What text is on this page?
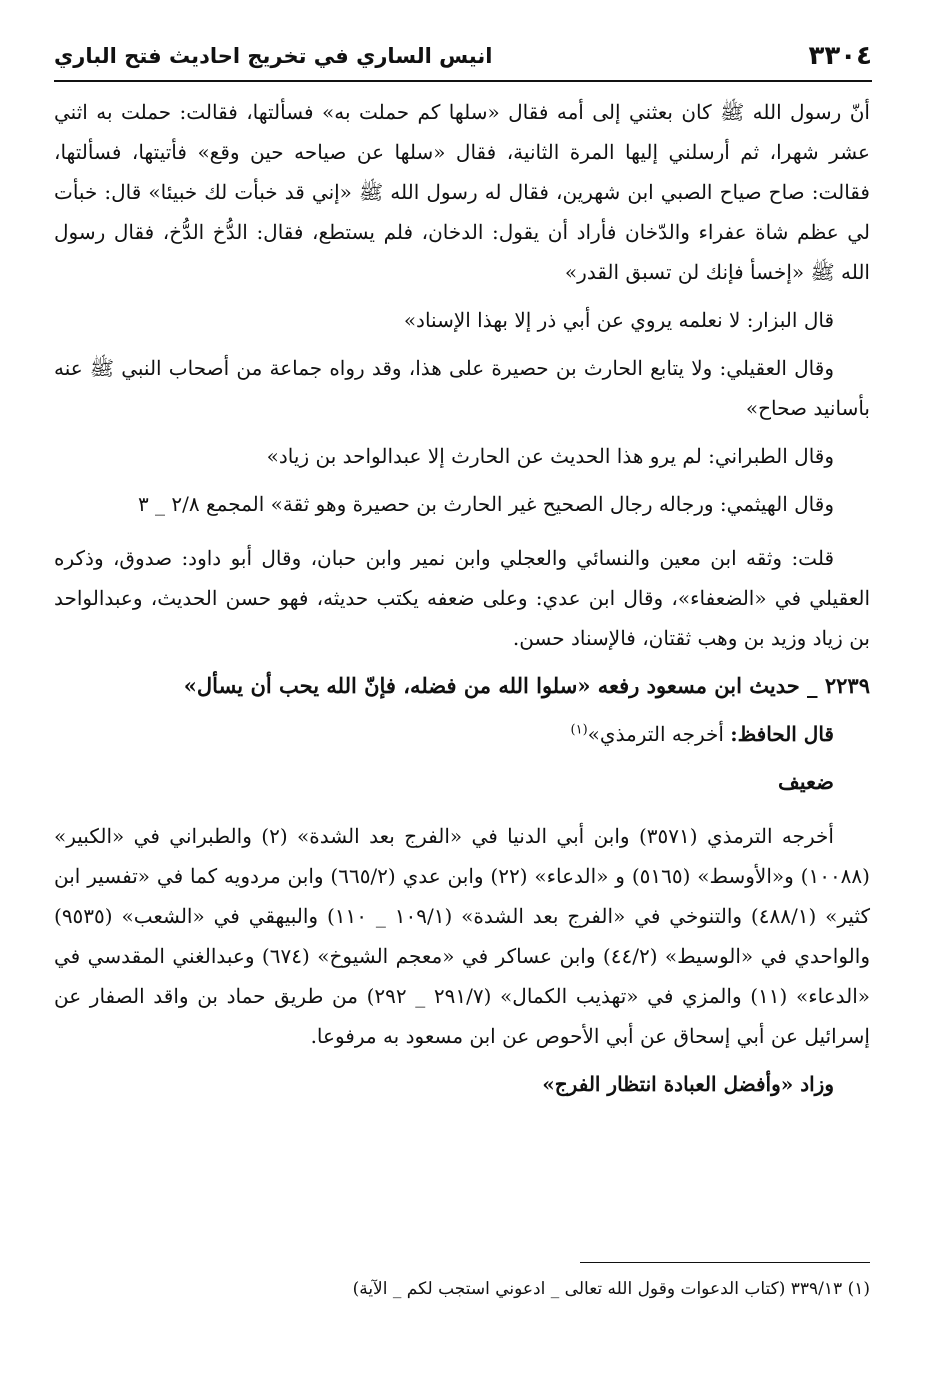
٣٣٠٤
انيس الساري في تخريج احاديث فتح الباري

أنّ رسول الله ﷺ كان بعثني إلى أمه فقال «سلها كم حملت به» فسألتها، فقالت: حملت به اثني عشر شهرا، ثم أرسلني إليها المرة الثانية، فقال «سلها عن صياحه حين وقع» فأتيتها، فسألتها، فقالت: صاح صياح الصبي ابن شهرين، فقال له رسول الله ﷺ «إني قد خبأت لك خبيئا» قال: خبأت لي عظم شاة عفراء والدّخان فأراد أن يقول: الدخان، فلم يستطع، فقال: الدُّخ الدُّخ، فقال رسول الله ﷺ «إخسأ فإنك لن تسبق القدر»

قال البزار: لا نعلمه يروي عن أبي ذر إلا بهذا الإسناد»

وقال العقيلي: ولا يتابع الحارث بن حصيرة على هذا، وقد رواه جماعة من أصحاب النبي ﷺ عنه بأسانيد صحاح»

وقال الطبراني: لم يرو هذا الحديث عن الحارث إلا عبدالواحد بن زياد»

وقال الهيثمي: ورجاله رجال الصحيح غير الحارث بن حصيرة وهو ثقة» المجمع ٢/٨ _ ٣

قلت: وثقه ابن معين والنسائي والعجلي وابن نمير وابن حبان، وقال أبو داود: صدوق، وذكره العقيلي في «الضعفاء»، وقال ابن عدي: وعلى ضعفه يكتب حديثه، فهو حسن الحديث، وعبدالواحد بن زياد وزيد بن وهب ثقتان، فالإسناد حسن.

٢٢٣٩ _ حديث ابن مسعود رفعه «سلوا الله من فضله، فإنّ الله يحب أن يسأل»

قال الحافظ: أخرجه الترمذي»$^{(١)}$

ضعيف

أخرجه الترمذي (٣٥٧١) وابن أبي الدنيا في «الفرج بعد الشدة» (٢) والطبراني في «الكبير» (١٠٠٨٨) و«الأوسط» (٥١٦٥) و «الدعاء» (٢٢) وابن عدي (٦٦٥/٢) وابن مردويه كما في «تفسير ابن كثير» (٤٨٨/١) والتنوخي في «الفرج بعد الشدة» (١٠٩/١ _ ١١٠) والبيهقي في «الشعب» (٩٥٣٥) والواحدي في «الوسيط» (٤٤/٢) وابن عساكر في «معجم الشيوخ» (٦٧٤) وعبدالغني المقدسي في «الدعاء» (١١) والمزي في «تهذيب الكمال» (٢٩١/٧ _ ٢٩٢) من طريق حماد بن واقد الصفار عن إسرائيل عن أبي إسحاق عن أبي الأحوص عن ابن مسعود به مرفوعا.

وزاد «وأفضل العبادة انتظار الفرج»

(١) ٣٣٩/١٣ (كتاب الدعوات وقول الله تعالى _ ادعوني استجب لكم _ الآية)
